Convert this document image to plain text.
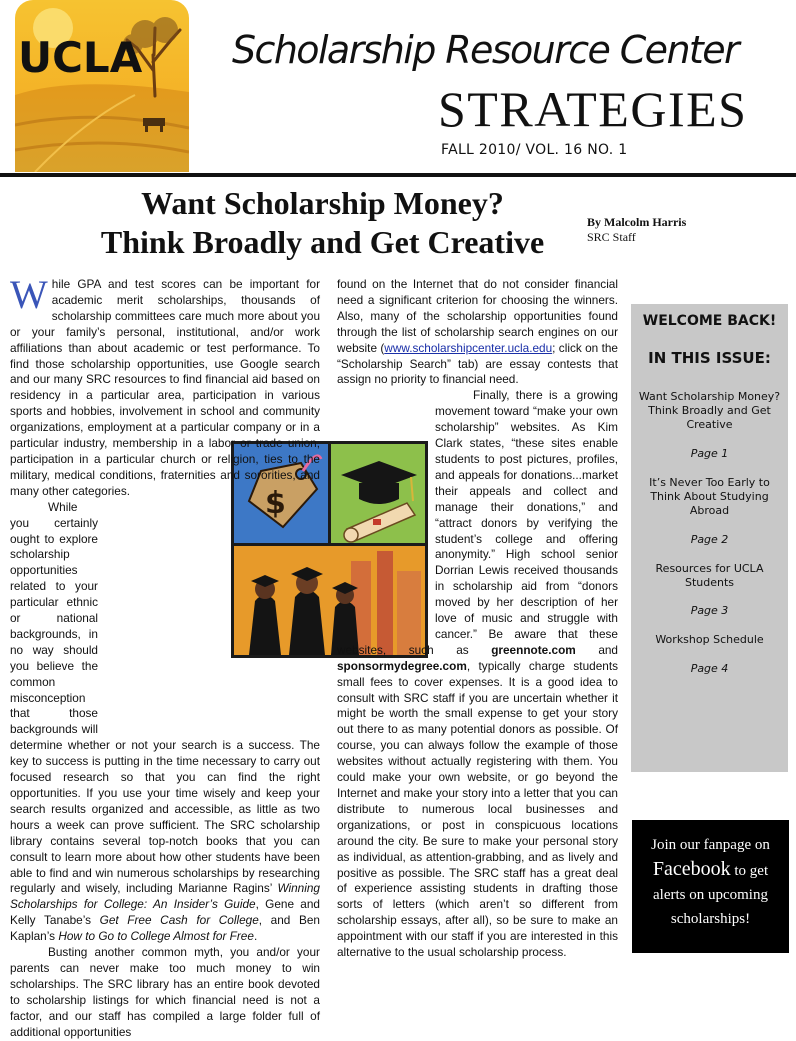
UCLA Scholarship Resource Center
STRATEGIES
FALL 2010/ VOL. 16 NO. 1
Want Scholarship Money?
Think Broadly and Get Creative
By Malcolm Harris
SRC Staff
$

While GPA and test scores can be important for academic merit scholarships, thousands of scholarship committees care much more about you or your family’s personal, institutional, and/or work affiliations than about academic or test performance. To find those scholarship opportunities, use Google search and our many SRC resources to find financial aid based on residency in a particular area, participation in various sports and hobbies, involvement in school and community organizations, employment at a particular company or in a particular industry, membership in a labor or trade union, participation in a particular church or religion, ties to the military, medical conditions, fraternities and sororities, and many other categories.

While you certainly ought to explore scholarship opportunities related to your particular ethnic or national backgrounds, in no way should you believe the common misconception that those backgrounds will determine whether or not your search is a success. The key to success is putting in the time necessary to carry out focused research so that you can find the right opportunities. If you use your time wisely and keep your search results organized and accessible, as little as two hours a week can prove sufficient. The SRC scholarship library contains several top-notch books that you can consult to learn more about how other students have been able to find and win numerous scholarships by researching regularly and wisely, including Marianne Ragins’ Winning Scholarships for College: An Insider’s Guide, Gene and Kelly Tanabe’s Get Free Cash for College, and Ben Kaplan’s How to Go to College Almost for Free.

Busting another common myth, you and/or your parents can never make too much money to win scholarships. The SRC library has an entire book devoted to scholarship listings for which financial need is not a factor, and our staff has compiled a large folder full of additional opportunities

found on the Internet that do not consider financial need a significant criterion for choosing the winners. Also, many of the scholarship opportunities found through the list of scholarship search engines on our website (www.scholarshipcenter.ucla.edu; click on the “Scholarship Search” tab) are essay contests that assign no priority to financial need.

Finally, there is a growing movement toward “make your own scholarship” websites. As Kim Clark states, “these sites enable students to post pictures, profiles, and appeals for donations...market their appeals and collect and manage their donations,” and “attract donors by verifying the student’s college and offering anonymity.” High school senior Dorrian Lewis received thousands in scholarship aid from “donors moved by her description of her love of music and struggle with cancer.” Be aware that these websites, such as greennote.com and sponsormydegree.com, typically charge students small fees to cover expenses. It is a good idea to consult with SRC staff if you are uncertain whether it might be worth the small expense to get your story out there to as many potential donors as possible. Of course, you can always follow the example of those websites without actually registering with them. You could make your own website, or go beyond the Internet and make your story into a letter that you can distribute to numerous local businesses and organizations, or post in conspicuous locations around the city. Be sure to make your personal story as individual, as attention-grabbing, and as lively and positive as possible. The SRC staff has a great deal of experience assisting students in drafting those sorts of letters (which aren’t so different from scholarship essays, after all), so be sure to make an appointment with our staff if you are interested in this alternative to the usual scholarship process.

WELCOME BACK!
IN THIS ISSUE:
Want Scholarship Money? Think Broadly and Get Creative
Page 1
It’s Never Too Early to Think About Studying Abroad
Page 2
Resources for UCLA Students
Page 3
Workshop Schedule
Page 4
Join our fanpage on
Facebook to get alerts on upcoming scholarships!
